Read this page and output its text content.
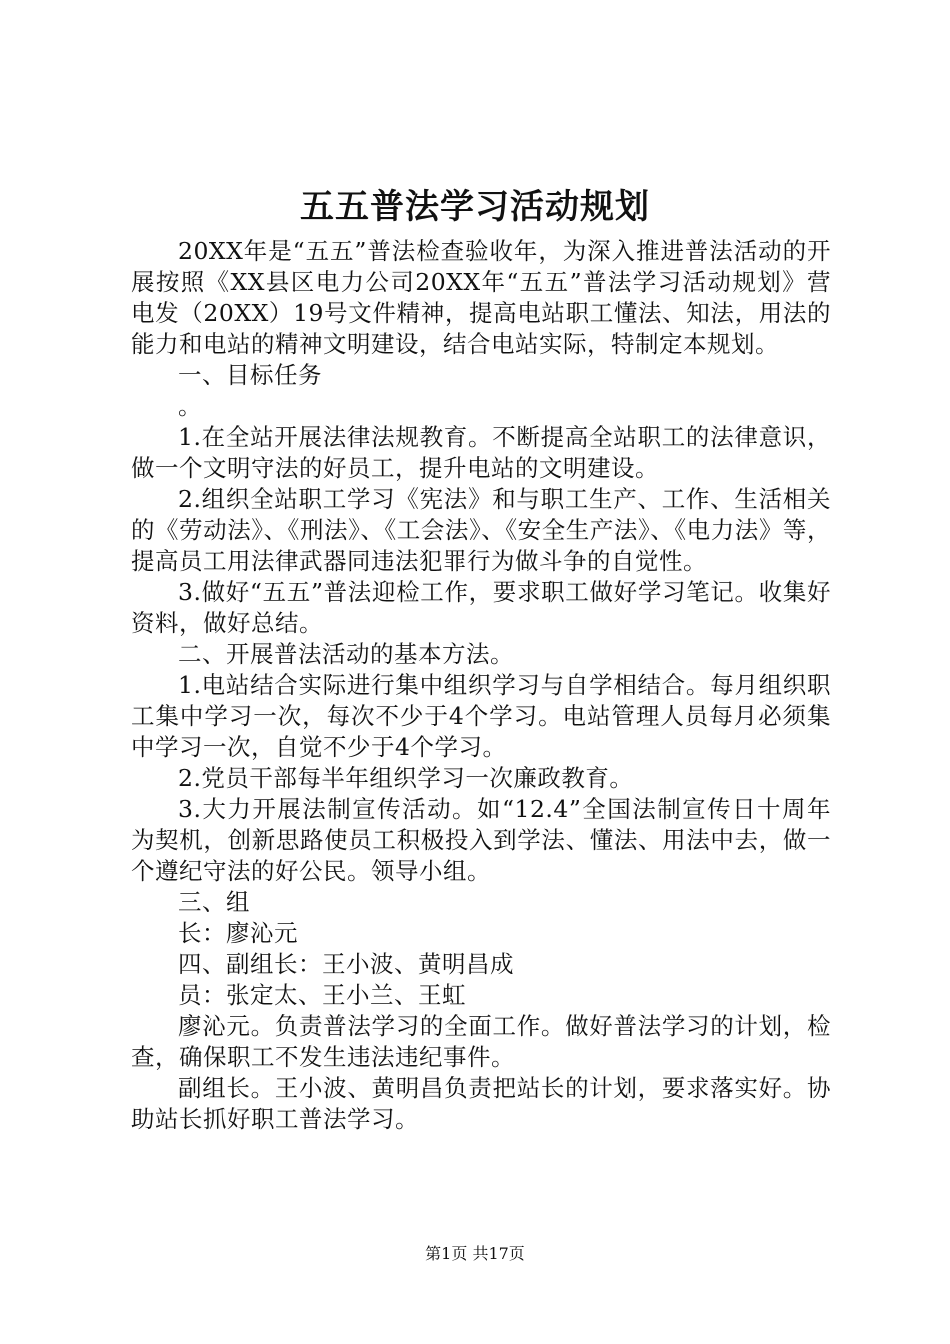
五五普法学习活动规划

20XX年是“五五”普法检查验收年，为深入推进普法活动的开展按照《XX县区电力公司20XX年“五五”普法学习活动规划》营电发（20XX）19号文件精神，提高电站职工懂法、知法，用法的能力和电站的精神文明建设，结合电站实际，特制定本规划。

一、目标任务

。

1.在全站开展法律法规教育。不断提高全站职工的法律意识，做一个文明守法的好员工，提升电站的文明建设。

2.组织全站职工学习《宪法》和与职工生产、工作、生活相关的《劳动法》、《刑法》、《工会法》、《安全生产法》、《电力法》等，提高员工用法律武器同违法犯罪行为做斗争的自觉性。

3.做好“五五”普法迎检工作，要求职工做好学习笔记。收集好资料，做好总结。

二、开展普法活动的基本方法。

1.电站结合实际进行集中组织学习与自学相结合。每月组织职工集中学习一次，每次不少于4个学习。电站管理人员每月必须集中学习一次，自觉不少于4个学习。

2.党员干部每半年组织学习一次廉政教育。

3.大力开展法制宣传活动。如“12.4”全国法制宣传日十周年为契机，创新思路使员工积极投入到学法、懂法、用法中去，做一个遵纪守法的好公民。领导小组。

三、组

长：廖沁元

四、副组长：王小波、黄明昌成

员：张定太、王小兰、王虹

廖沁元。负责普法学习的全面工作。做好普法学习的计划，检查，确保职工不发生违法违纪事件。

副组长。王小波、黄明昌负责把站长的计划，要求落实好。协助站长抓好职工普法学习。

第1页 共17页
